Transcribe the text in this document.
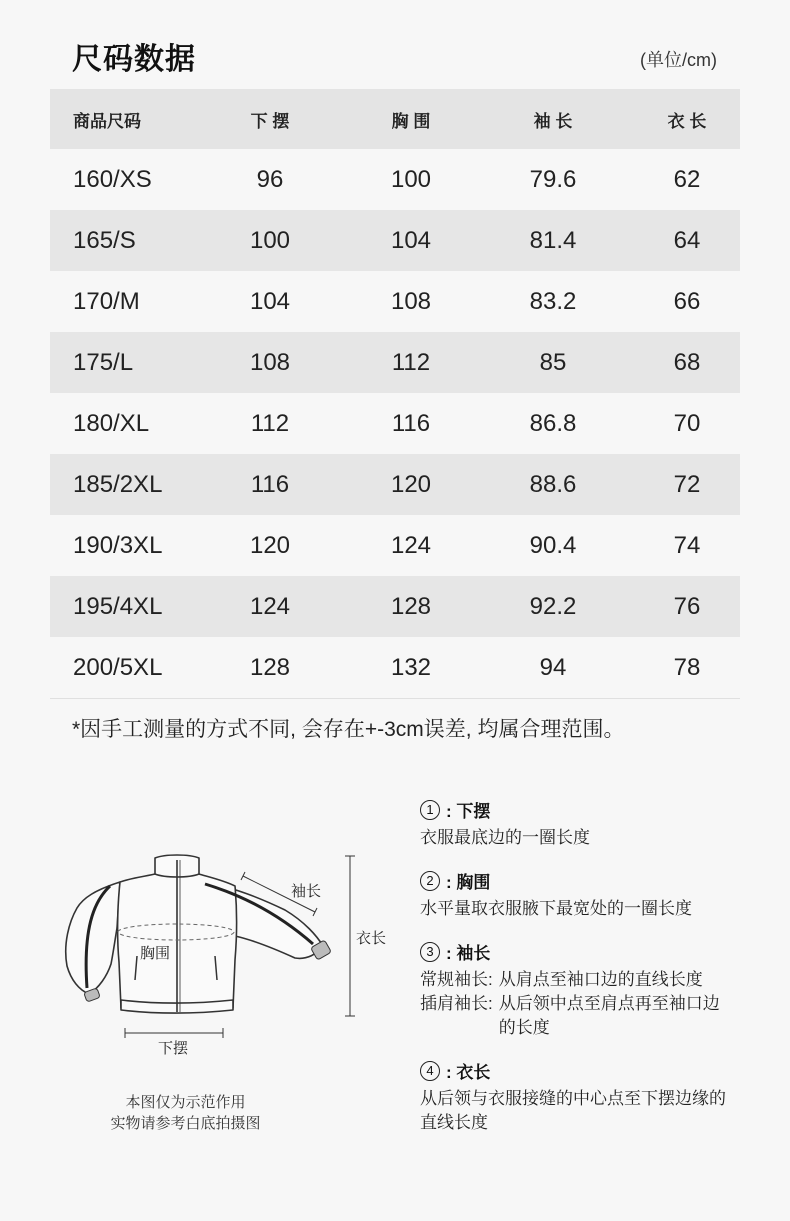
尺码数据	(单位/cm)
商品尺码	下 摆	胸 围	袖 长	衣 长
160/XS	96	100	79.6	62
165/S	100	104	81.4	64
170/M	104	108	83.2	66
175/L	108	112	85	68
180/XL	112	116	86.8	70
185/2XL	116	120	88.6	72
190/3XL	120	124	90.4	74
195/4XL	124	128	92.2	76
200/5XL	128	132	94	78
*因手工测量的方式不同, 会存在+-3cm误差, 均属合理范围。
袖长
胸围
衣长
下摆
本图仅为示范作用
实物请参考白底拍摄图
1 : 下摆
衣服最底边的一圈长度
2 : 胸围
水平量取衣服腋下最宽处的一圈长度
3 : 袖长
常规袖长: 从肩点至袖口边的直线长度
插肩袖长: 从后领中点至肩点再至袖口边的长度
4 : 衣长
从后领与衣服接缝的中心点至下摆边缘的直线长度
